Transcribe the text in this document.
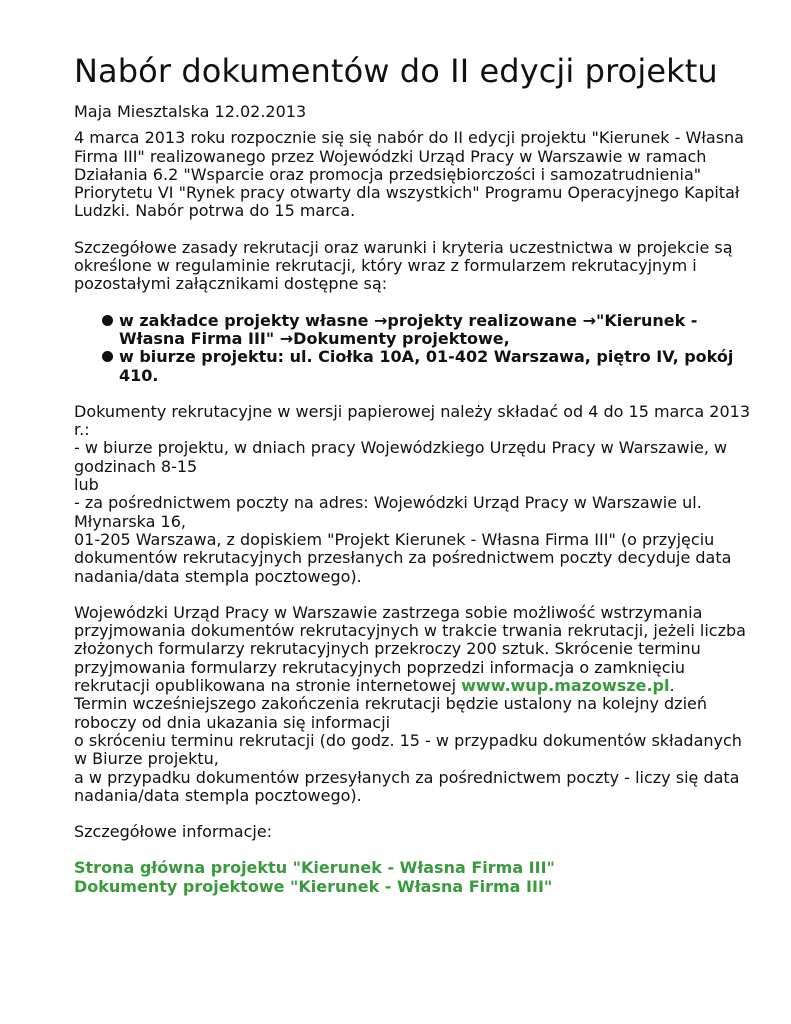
Nabór dokumentów do II edycji projektu

Maja Miesztalska 12.02.2013

4 marca 2013 roku rozpocznie się się nabór do II edycji projektu "Kierunek - Własna Firma III" realizowanego przez Wojewódzki Urząd Pracy w Warszawie w ramach Działania 6.2 "Wsparcie oraz promocja przedsiębiorczości i samozatrudnienia" Priorytetu VI "Rynek pracy otwarty dla wszystkich" Programu Operacyjnego Kapitał Ludzki. Nabór potrwa do 15 marca.

Szczegółowe zasady rekrutacji oraz warunki i kryteria uczestnictwa w projekcie są określone w regulaminie rekrutacji, który wraz z formularzem rekrutacyjnym i pozostałymi załącznikami dostępne są:

w zakładce projekty własne →projekty realizowane →"Kierunek - Własna Firma III" →Dokumenty projektowe,
w biurze projektu: ul. Ciołka 10A, 01-402 Warszawa, piętro IV, pokój 410.

Dokumenty rekrutacyjne w wersji papierowej należy składać od 4 do 15 marca 2013 r.:
- w biurze projektu, w dniach pracy Wojewódzkiego Urzędu Pracy w Warszawie, w godzinach 8-15
lub
- za pośrednictwem poczty na adres: Wojewódzki Urząd Pracy w Warszawie ul. Młynarska 16,
01-205 Warszawa, z dopiskiem "Projekt Kierunek - Własna Firma III" (o przyjęciu dokumentów rekrutacyjnych przesłanych za pośrednictwem poczty decyduje data nadania/data stempla pocztowego).

Wojewódzki Urząd Pracy w Warszawie zastrzega sobie możliwość wstrzymania przyjmowania dokumentów rekrutacyjnych w trakcie trwania rekrutacji, jeżeli liczba złożonych formularzy rekrutacyjnych przekroczy 200 sztuk. Skrócenie terminu przyjmowania formularzy rekrutacyjnych poprzedzi informacja o zamknięciu rekrutacji opublikowana na stronie internetowej www.wup.mazowsze.pl.
Termin wcześniejszego zakończenia rekrutacji będzie ustalony na kolejny dzień roboczy od dnia ukazania się informacji
o skróceniu terminu rekrutacji (do godz. 15 - w przypadku dokumentów składanych w Biurze projektu,
a w przypadku dokumentów przesyłanych za pośrednictwem poczty - liczy się data nadania/data stempla pocztowego).

Szczegółowe informacje:

Strona główna projektu "Kierunek - Własna Firma III"
Dokumenty projektowe "Kierunek - Własna Firma III"
